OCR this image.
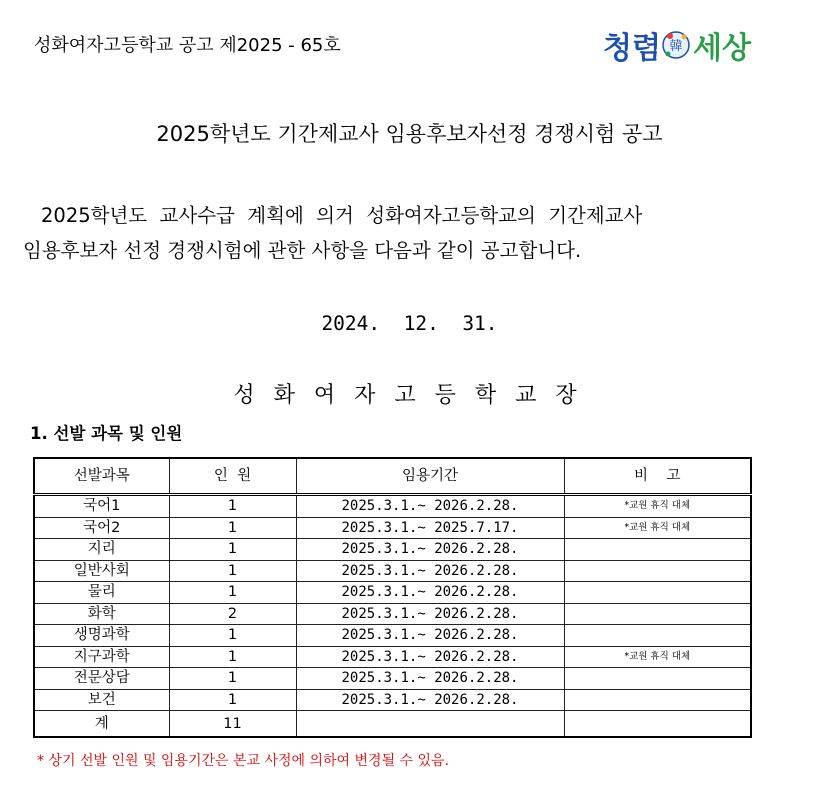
성화여자고등학교 공고 제2025 - 65호	韓
청렴 세상
2025학년도 기간제교사 임용후보자선정 경쟁시험 공고
2025학년도  교사수급  계획에  의거  성화여자고등학교의  기간제교사
임용후보자 선정 경쟁시험에 관한 사항을 다음과 같이 공고합니다.
2024.  12.  31.
성화여자고등학교장
1. 선발 과목 및 인원
선발과목	인  원	임용기간	비    고
국어1	1	2025.3.1.~ 2026.2.28.	*교원 휴직 대체
국어2	1	2025.3.1.~ 2025.7.17.	*교원 휴직 대체
지리	1	2025.3.1.~ 2026.2.28.	
일반사회	1	2025.3.1.~ 2026.2.28.	
물리	1	2025.3.1.~ 2026.2.28.	
화학	2	2025.3.1.~ 2026.2.28.	
생명과학	1	2025.3.1.~ 2026.2.28.	
지구과학	1	2025.3.1.~ 2026.2.28.	*교원 휴직 대체
전문상담	1	2025.3.1.~ 2026.2.28.	
보건	1	2025.3.1.~ 2026.2.28.	
계	11		
* 상기 선발 인원 및 임용기간은 본교 사정에 의하여 변경될 수 있음.
